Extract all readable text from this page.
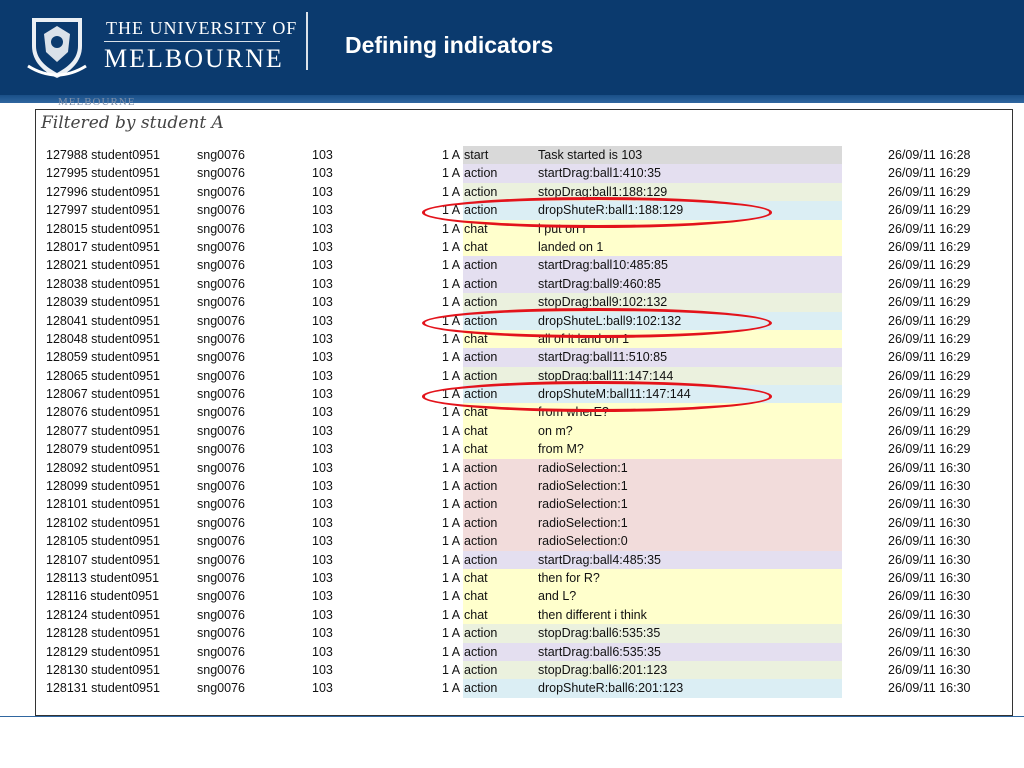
THE UNIVERSITY OF
MELBOURNE	Defining indicators
MELBOURNE
Filtered by student A
127988 student0951	sng0076	103	1 A start	Task started is 103	26/09/11 16:28
127995 student0951	sng0076	103	1 A action	startDrag:ball1:410:35	26/09/11 16:29
127996 student0951	sng0076	103	1 A action	stopDrag:ball1:188:129	26/09/11 16:29
127997 student0951	sng0076	103	1 A action	dropShuteR:ball1:188:129	26/09/11 16:29
128015 student0951	sng0076	103	1 A chat	i put on r	26/09/11 16:29
128017 student0951	sng0076	103	1 A chat	landed on 1	26/09/11 16:29
128021 student0951	sng0076	103	1 A action	startDrag:ball10:485:85	26/09/11 16:29
128038 student0951	sng0076	103	1 A action	startDrag:ball9:460:85	26/09/11 16:29
128039 student0951	sng0076	103	1 A action	stopDrag:ball9:102:132	26/09/11 16:29
128041 student0951	sng0076	103	1 A action	dropShuteL:ball9:102:132	26/09/11 16:29
128048 student0951	sng0076	103	1 A chat	all of it land on 1	26/09/11 16:29
128059 student0951	sng0076	103	1 A action	startDrag:ball11:510:85	26/09/11 16:29
128065 student0951	sng0076	103	1 A action	stopDrag:ball11:147:144	26/09/11 16:29
128067 student0951	sng0076	103	1 A action	dropShuteM:ball11:147:144	26/09/11 16:29
128076 student0951	sng0076	103	1 A chat	from wherE?	26/09/11 16:29
128077 student0951	sng0076	103	1 A chat	on m?	26/09/11 16:29
128079 student0951	sng0076	103	1 A chat	from M?	26/09/11 16:29
128092 student0951	sng0076	103	1 A action	radioSelection:1	26/09/11 16:30
128099 student0951	sng0076	103	1 A action	radioSelection:1	26/09/11 16:30
128101 student0951	sng0076	103	1 A action	radioSelection:1	26/09/11 16:30
128102 student0951	sng0076	103	1 A action	radioSelection:1	26/09/11 16:30
128105 student0951	sng0076	103	1 A action	radioSelection:0	26/09/11 16:30
128107 student0951	sng0076	103	1 A action	startDrag:ball4:485:35	26/09/11 16:30
128113 student0951	sng0076	103	1 A chat	then for R?	26/09/11 16:30
128116 student0951	sng0076	103	1 A chat	and L?	26/09/11 16:30
128124 student0951	sng0076	103	1 A chat	then different i think	26/09/11 16:30
128128 student0951	sng0076	103	1 A action	stopDrag:ball6:535:35	26/09/11 16:30
128129 student0951	sng0076	103	1 A action	startDrag:ball6:535:35	26/09/11 16:30
128130 student0951	sng0076	103	1 A action	stopDrag:ball6:201:123	26/09/11 16:30
128131 student0951	sng0076	103	1 A action	dropShuteR:ball6:201:123	26/09/11 16:30
